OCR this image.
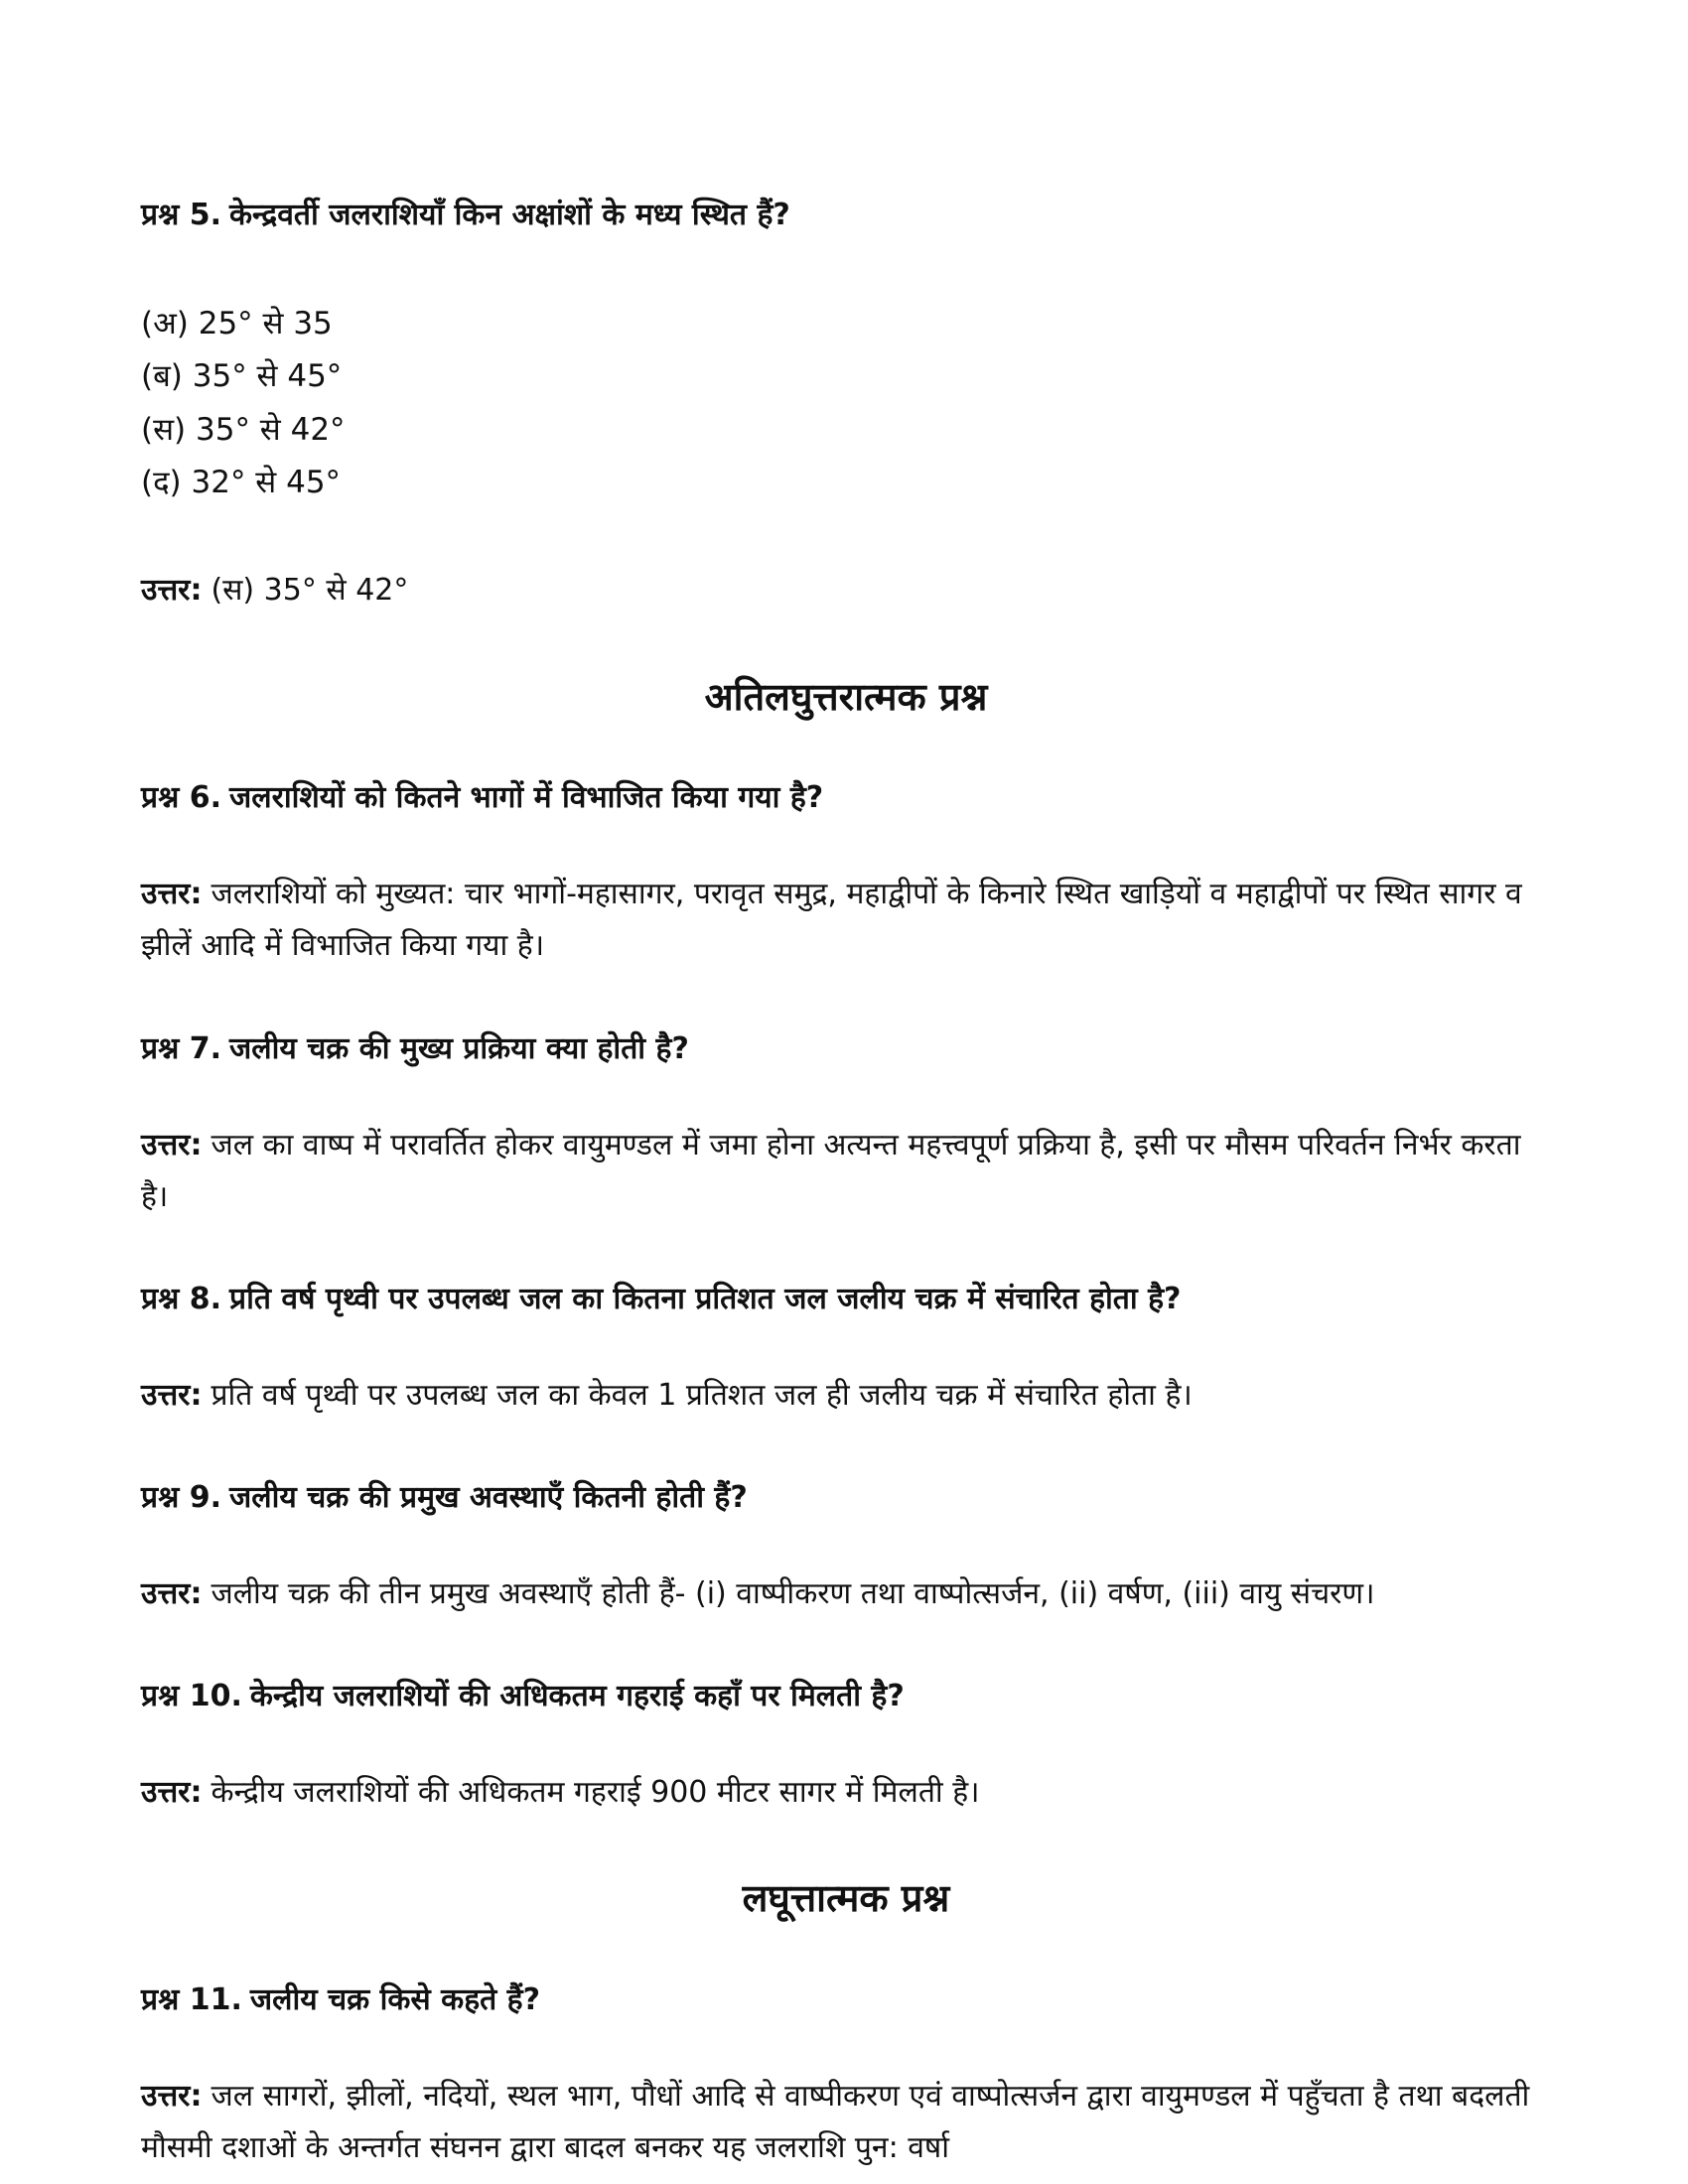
प्रश्न 5. केन्द्रवर्ती जलराशियाँ किन अक्षांशों के मध्य स्थित हैं?

(अ) 25° से 35
(ब) 35° से 45°
(स) 35° से 42°
(द) 32° से 45°

उत्तर: (स) 35° से 42°

अतिलघुत्तरात्मक प्रश्न

प्रश्न 6. जलराशियों को कितने भागों में विभाजित किया गया है?

उत्तर: जलराशियों को मुख्यत: चार भागों-महासागर, परावृत समुद्र, महाद्वीपों के किनारे स्थित खाड़ियों व महाद्वीपों पर स्थित सागर व झीलें आदि में विभाजित किया गया है।

प्रश्न 7. जलीय चक्र की मुख्य प्रक्रिया क्या होती है?

उत्तर: जल का वाष्प में परावर्तित होकर वायुमण्डल में जमा होना अत्यन्त महत्त्वपूर्ण प्रक्रिया है, इसी पर मौसम परिवर्तन निर्भर करता है।

प्रश्न 8. प्रति वर्ष पृथ्वी पर उपलब्ध जल का कितना प्रतिशत जल जलीय चक्र में संचारित होता है?

उत्तर: प्रति वर्ष पृथ्वी पर उपलब्ध जल का केवल 1 प्रतिशत जल ही जलीय चक्र में संचारित होता है।

प्रश्न 9. जलीय चक्र की प्रमुख अवस्थाएँ कितनी होती हैं?

उत्तर: जलीय चक्र की तीन प्रमुख अवस्थाएँ होती हैं- (i) वाष्पीकरण तथा वाष्पोत्सर्जन, (ii) वर्षण, (iii) वायु संचरण।

प्रश्न 10. केन्द्रीय जलराशियों की अधिकतम गहराई कहाँ पर मिलती है?

उत्तर: केन्द्रीय जलराशियों की अधिकतम गहराई 900 मीटर सागर में मिलती है।

लघूत्तात्मक प्रश्न

प्रश्न 11. जलीय चक्र किसे कहते हैं?

उत्तर: जल सागरों, झीलों, नदियों, स्थल भाग, पौधों आदि से वाष्पीकरण एवं वाष्पोत्सर्जन द्वारा वायुमण्डल में पहुँचता है तथा बदलती मौसमी दशाओं के अन्तर्गत संघनन द्वारा बादल बनकर यह जलराशि पुन: वर्षा
